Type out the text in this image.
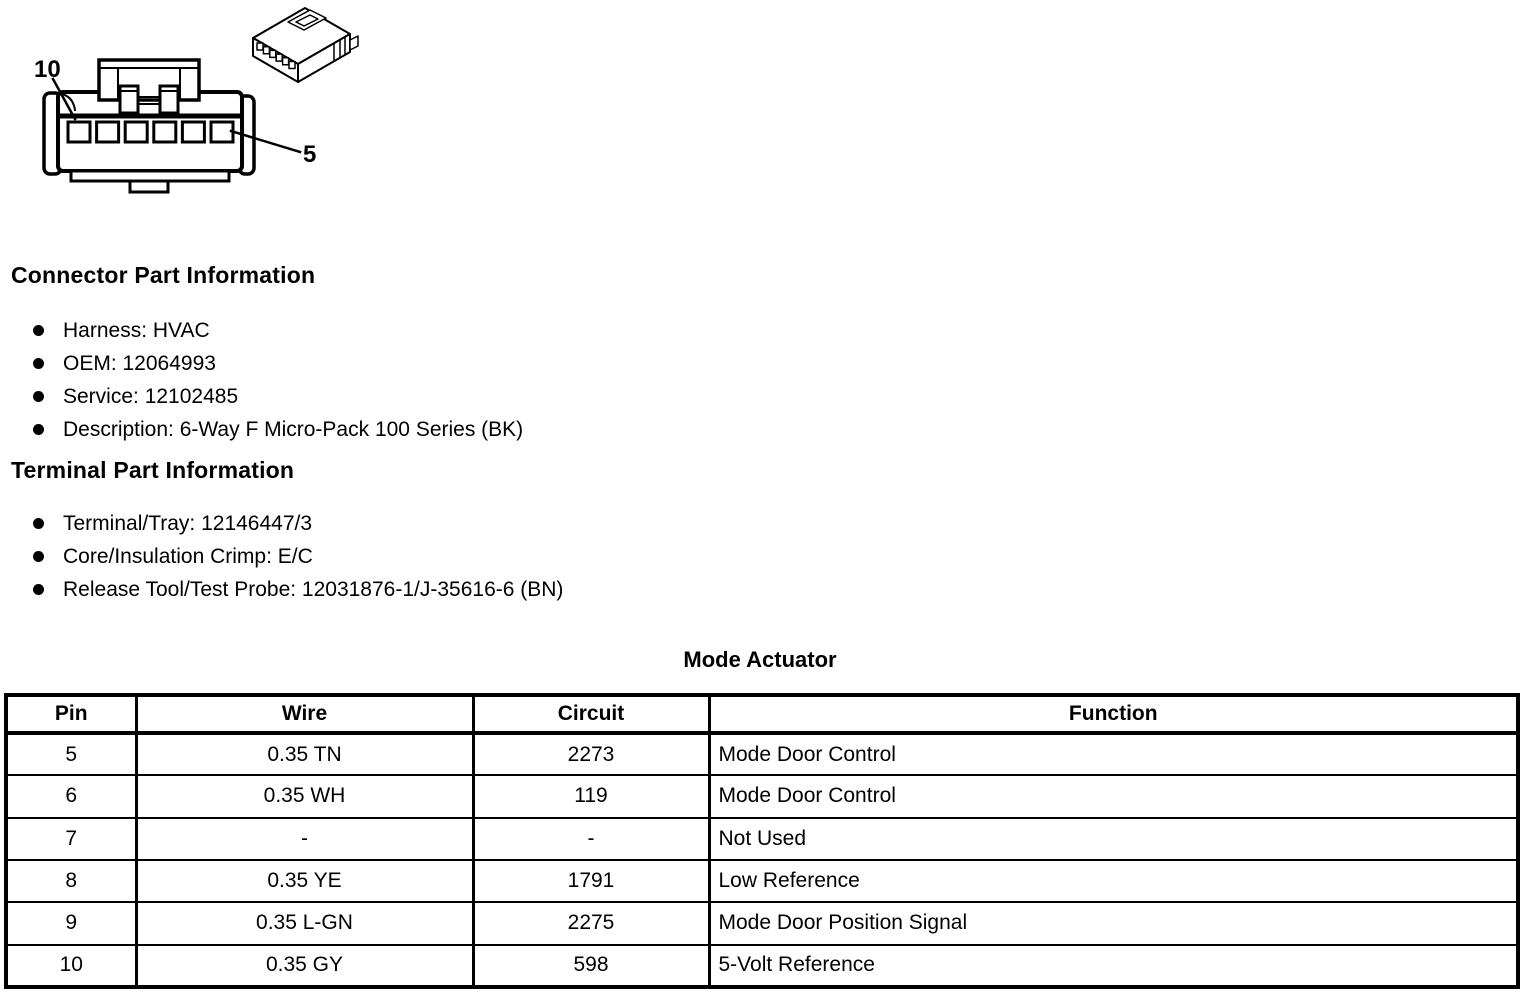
10
5
Connector Part Information
Harness: HVAC
OEM: 12064993
Service: 12102485
Description: 6-Way F Micro-Pack 100 Series (BK)
Terminal Part Information
Terminal/Tray: 12146447/3
Core/Insulation Crimp: E/C
Release Tool/Test Probe: 12031876-1/J-35616-6 (BN)
Mode Actuator
Pin	Wire	Circuit	Function
5	0.35 TN	2273	Mode Door Control
6	0.35 WH	119	Mode Door Control
7	-	-	Not Used
8	0.35 YE	1791	Low Reference
9	0.35 L-GN	2275	Mode Door Position Signal
10	0.35 GY	598	5-Volt Reference
